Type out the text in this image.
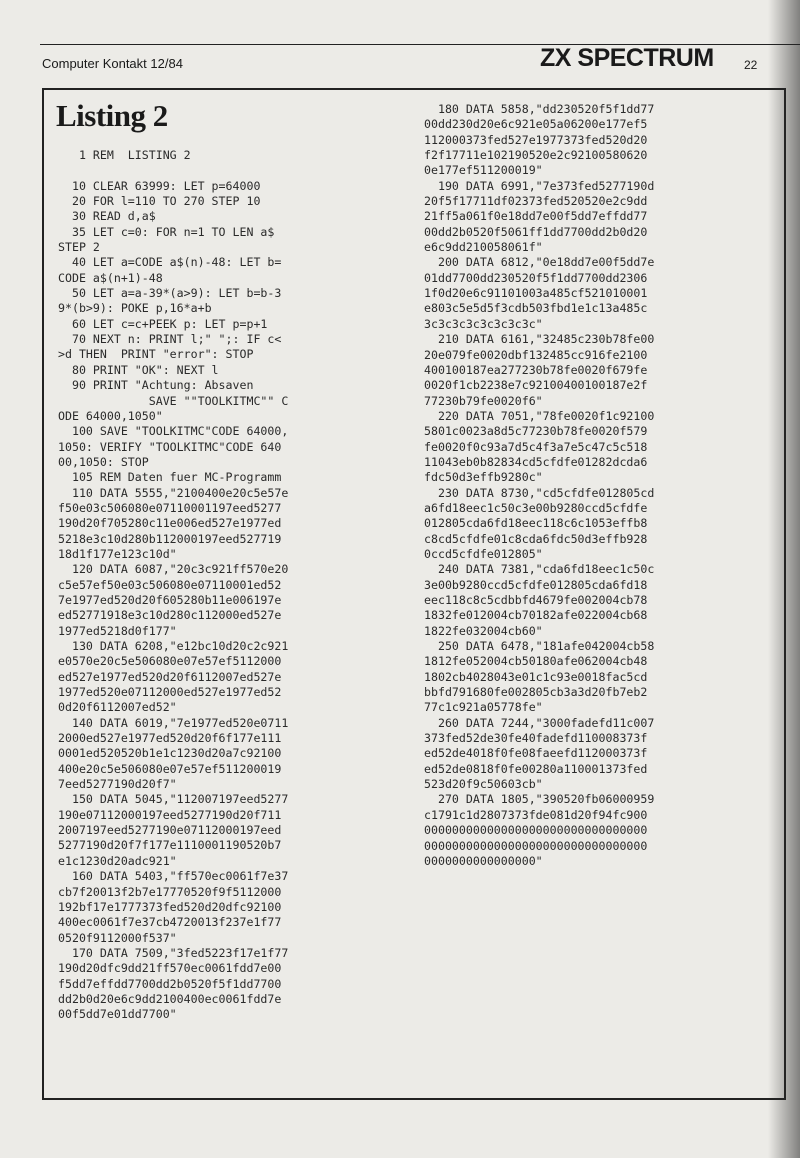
Computer Kontakt 12/84	ZX SPECTRUM	22
Listing 2
1 REM  LISTING 2
10 CLEAR 63999: LET p=64000
20 FOR l=110 TO 270 STEP 10
30 READ d,a$
35 LET c=0: FOR n=1 TO LEN a$
STEP 2
40 LET a=CODE a$(n)-48: LET b=
CODE a$(n+1)-48
50 LET a=a-39*(a>9): LET b=b-3
9*(b>9): POKE p,16*a+b
60 LET c=c+PEEK p: LET p=p+1
70 NEXT n: PRINT l;" ";: IF c<
>d THEN  PRINT "error": STOP
80 PRINT "OK": NEXT l
90 PRINT "Achtung: Absaven
SAVE ""TOOLKITMC"" C
ODE 64000,1050"
100 SAVE "TOOLKITMC"CODE 64000,
1050: VERIFY "TOOLKITMC"CODE 640
00,1050: STOP
105 REM Daten fuer MC-Programm
110 DATA 5555,"2100400e20c5e57e
f50e03c506080e07110001197eed5277
190d20f705280c11e006ed527e1977ed
5218e3c10d280b112000197eed527719
18d1f177e123c10d"
120 DATA 6087,"20c3c921ff570e20
c5e57ef50e03c506080e07110001ed52
7e1977ed520d20f605280b11e006197e
ed52771918e3c10d280c112000ed527e
1977ed5218d0f177"
130 DATA 6208,"e12bc10d20c2c921
e0570e20c5e506080e07e57ef5112000
ed527e1977ed520d20f6112007ed527e
1977ed520e07112000ed527e1977ed52
0d20f6112007ed52"
140 DATA 6019,"7e1977ed520e0711
2000ed527e1977ed520d20f6f177e111
0001ed520520b1e1c1230d20a7c92100
400e20c5e506080e07e57ef511200019
7eed5277190d20f7"
150 DATA 5045,"112007197eed5277
190e07112000197eed5277190d20f711
2007197eed5277190e07112000197eed
5277190d20f7f177e1110001190520b7
e1c1230d20adc921"
160 DATA 5403,"ff570ec0061f7e37
cb7f20013f2b7e17770520f9f5112000
192bf17e1777373fed520d20dfc92100
400ec0061f7e37cb4720013f237e1f77
0520f9112000f537"
170 DATA 7509,"3fed5223f17e1f77
190d20dfc9dd21ff570ec0061fdd7e00
f5dd7effdd7700dd2b0520f5f1dd7700
dd2b0d20e6c9dd2100400ec0061fdd7e
00f5dd7e01dd7700"
180 DATA 5858,"dd230520f5f1dd77
00dd230d20e6c921e05a06200e177ef5
112000373fed527e1977373fed520d20
f2f17711e102190520e2c92100580620
0e177ef511200019"
190 DATA 6991,"7e373fed5277190d
20f5f17711df02373fed520520e2c9dd
21ff5a061f0e18dd7e00f5dd7effdd77
00dd2b0520f5061ff1dd7700dd2b0d20
e6c9dd210058061f"
200 DATA 6812,"0e18dd7e00f5dd7e
01dd7700dd230520f5f1dd7700dd2306
1f0d20e6c91101003a485cf521010001
e803c5e5d5f3cdb503fbd1e1c13a485c
3c3c3c3c3c3c3c3c"
210 DATA 6161,"32485c230b78fe00
20e079fe0020dbf132485cc916fe2100
400100187ea277230b78fe0020f679fe
0020f1cb2238e7c92100400100187e2f
77230b79fe0020f6"
220 DATA 7051,"78fe0020f1c92100
5801c0023a8d5c77230b78fe0020f579
fe0020f0c93a7d5c4f3a7e5c47c5c518
11043eb0b82834cd5cfdfe01282dcda6
fdc50d3effb9280c"
230 DATA 8730,"cd5cfdfe012805cd
a6fd18eec1c50c3e00b9280ccd5cfdfe
012805cda6fd18eec118c6c1053effb8
c8cd5cfdfe01c8cda6fdc50d3effb928
0ccd5cfdfe012805"
240 DATA 7381,"cda6fd18eec1c50c
3e00b9280ccd5cfdfe012805cda6fd18
eec118c8c5cdbbfd4679fe002004cb78
1832fe012004cb70182afe022004cb68
1822fe032004cb60"
250 DATA 6478,"181afe042004cb58
1812fe052004cb50180afe062004cb48
1802cb4028043e01c1c93e0018fac5cd
bbfd791680fe002805cb3a3d20fb7eb2
77c1c921a05778fe"
260 DATA 7244,"3000fadefd11c007
373fed52de30fe40fadefd110008373f
ed52de4018f0fe08faeefd112000373f
ed52de0818f0fe00280a110001373fed
523d20f9c50603cb"
270 DATA 1805,"390520fb06000959
c1791c1d2807373fde081d20f94fc900
00000000000000000000000000000000
00000000000000000000000000000000
0000000000000000"
